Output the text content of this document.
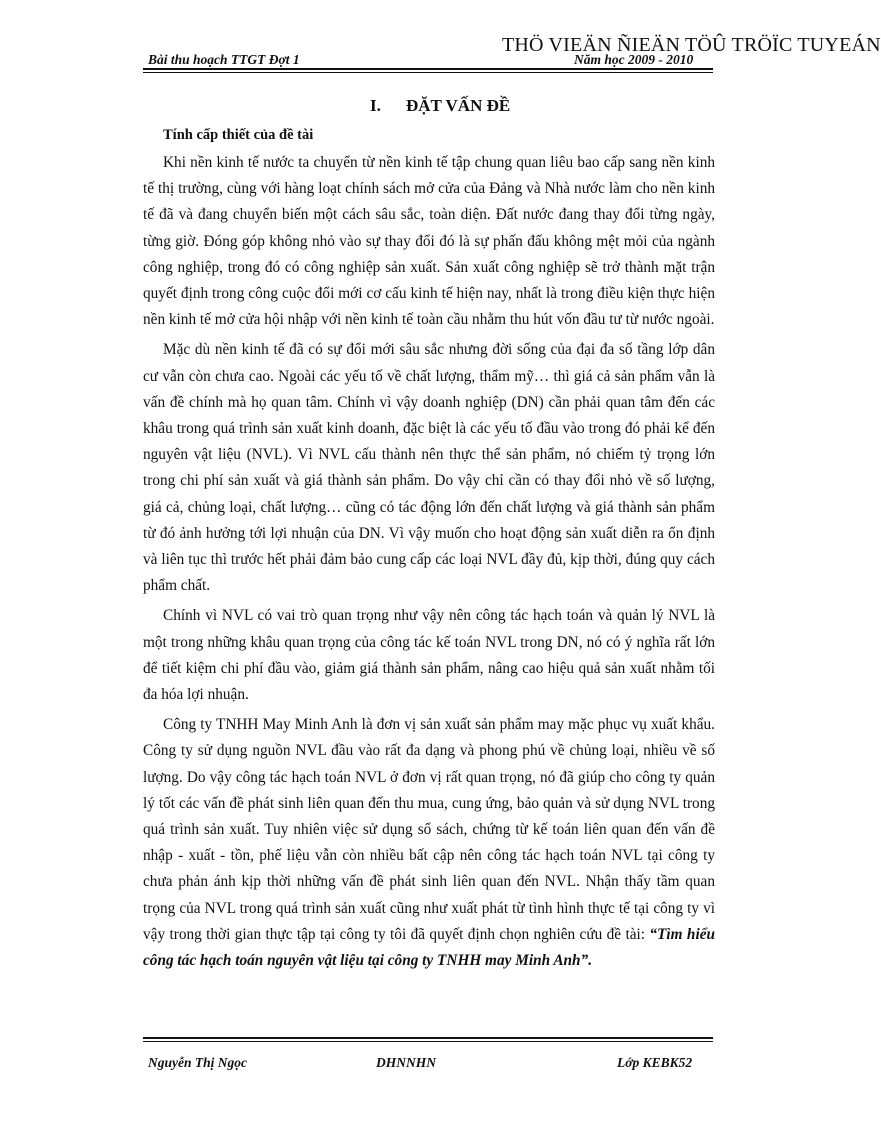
THÖ VIEÄN ÑIEÄN TÖÛ TRÖÏC TUYEÁN
Bài thu hoạch TTGT Đợt 1	Năm học 2009 - 2010
I. ĐẶT VẤN ĐỀ
Tính cấp thiết của đề tài

Khi nền kinh tế nước ta chuyển từ nền kinh tế tập chung quan liêu bao cấp sang nền kinh tế thị trường, cùng với hàng loạt chính sách mở cửa của Đảng và Nhà nước làm cho nền kinh tế đã và đang chuyển biến một cách sâu sắc, toàn diện. Đất nước đang thay đổi từng ngày, từng giờ. Đóng góp không nhỏ vào sự thay đổi đó là sự phấn đấu không mệt mỏi của ngành công nghiệp, trong đó có công nghiệp sản xuất. Sản xuất công nghiệp sẽ trở thành mặt trận quyết định trong công cuộc đổi mới cơ cấu kinh tế hiện nay, nhất là trong điều kiện thực hiện nền kinh tế mở cửa hội nhập với nền kinh tế toàn cầu nhằm thu hút vốn đầu tư từ nước ngoài.

Mặc dù nền kinh tế đã có sự đổi mới sâu sắc nhưng đời sống của đại đa số tầng lớp dân cư vẫn còn chưa cao. Ngoài các yếu tố về chất lượng, thẩm mỹ… thì giá cả sản phẩm vẫn là vấn đề chính mà họ quan tâm. Chính vì vậy doanh nghiệp (DN) cần phải quan tâm đến các khâu trong quá trình sản xuất kinh doanh, đặc biệt là các yếu tố đầu vào trong đó phải kể đến nguyên vật liệu (NVL). Vì NVL cấu thành nên thực thể sản phẩm, nó chiếm tỷ trọng lớn trong chi phí sản xuất và giá thành sản phẩm. Do vậy chỉ cần có thay đổi nhỏ về số lượng, giá cả, chủng loại, chất lượng… cũng có tác động lớn đến chất lượng và giá thành sản phẩm từ đó ảnh hưởng tới lợi nhuận của DN. Vì vậy muốn cho hoạt động sản xuất diễn ra ổn định và liên tục thì trước hết phải đảm bảo cung cấp các loại NVL đầy đủ, kịp thời, đúng quy cách phẩm chất.

Chính vì NVL có vai trò quan trọng như vậy nên công tác hạch toán và quản lý NVL là một trong những khâu quan trọng của công tác kế toán NVL trong DN, nó có ý nghĩa rất lớn để tiết kiệm chi phí đầu vào, giảm giá thành sản phẩm, nâng cao hiệu quả sản xuất nhằm tối đa hóa lợi nhuận.

Công ty TNHH May Minh Anh là đơn vị sản xuất sản phẩm may mặc phục vụ xuất khẩu. Công ty sử dụng nguồn NVL đầu vào rất đa dạng và phong phú về chủng loại, nhiều về số lượng. Do vậy công tác hạch toán NVL ở đơn vị rất quan trọng, nó đã giúp cho công ty quản lý tốt các vấn đề phát sinh liên quan đến thu mua, cung ứng, bảo quản và sử dụng NVL trong quá trình sản xuất. Tuy nhiên việc sử dụng sổ sách, chứng từ kế toán liên quan đến vấn đề nhập - xuất - tồn, phế liệu vẫn còn nhiều bất cập nên công tác hạch toán NVL tại công ty chưa phản ánh kịp thời những vấn đề phát sinh liên quan đến NVL. Nhận thấy tầm quan trọng của NVL trong quá trình sản xuất cũng như xuất phát từ tình hình thực tế tại công ty vì vậy trong thời gian thực tập tại công ty tôi đã quyết định chọn nghiên cứu đề tài: “Tìm hiểu công tác hạch toán nguyên vật liệu tại công ty TNHH may Minh Anh”.

Nguyễn Thị Ngọc	DHNNHN	Lớp KEBK52
